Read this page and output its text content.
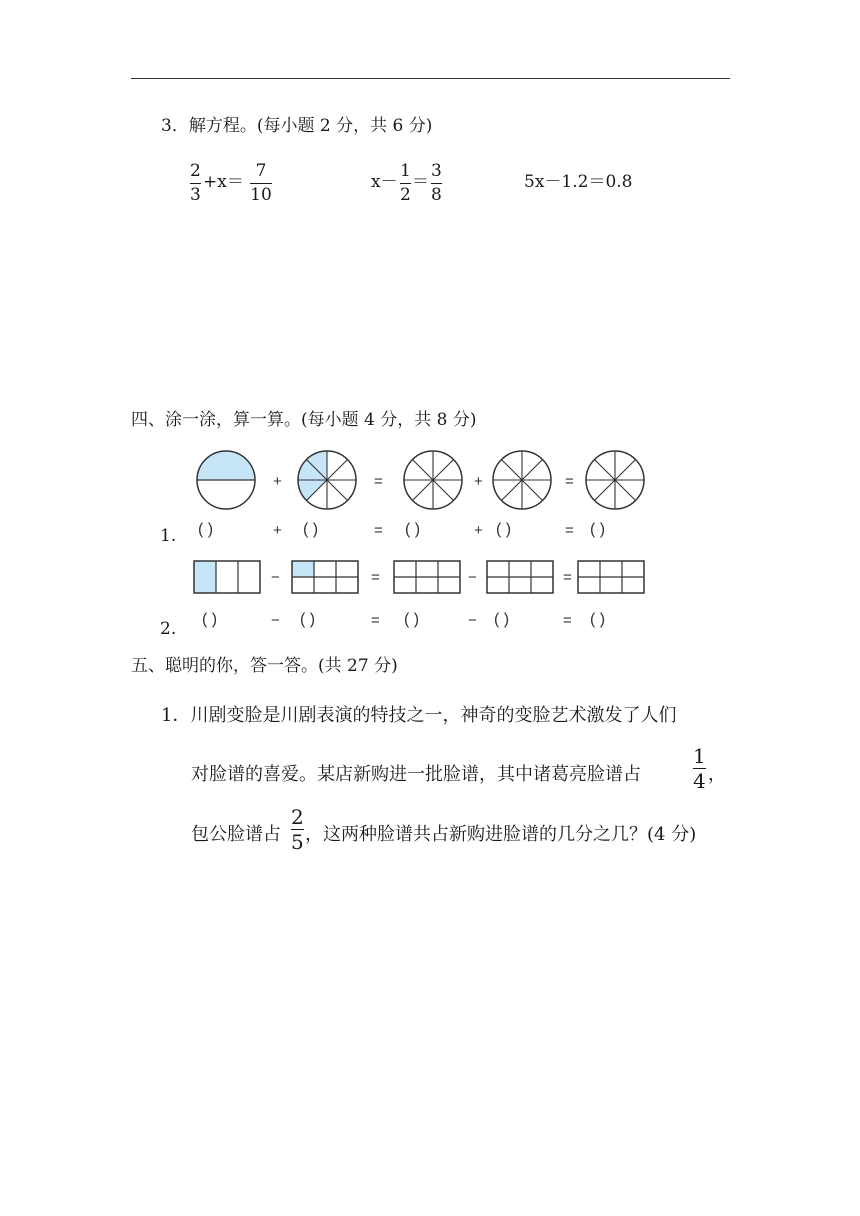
3．解方程。(每小题 2 分，共 6 分)
2
3
+x＝
7
10
x－
1
2
＝
3
8
5x－1.2＝0.8
四、涂一涂，算一算。(每小题 4 分，共 8 分)
+	=	+	=
1. ( )	+ ( )	= ( )	+ ( )	= ( )
−	=	−	=
2. ( )	− ( )	= ( )	− ( )	= ( )
五、聪明的你，答一答。(共 27 分)
1．川剧变脸是川剧表演的特技之一，神奇的变脸艺术激发了人们
对脸谱的喜爱。某店新购进一批脸谱，其中诸葛亮脸谱占
1
4 ，
包公脸谱占
2
5 ，这两种脸谱共占新购进脸谱的几分之几？(4 分)
